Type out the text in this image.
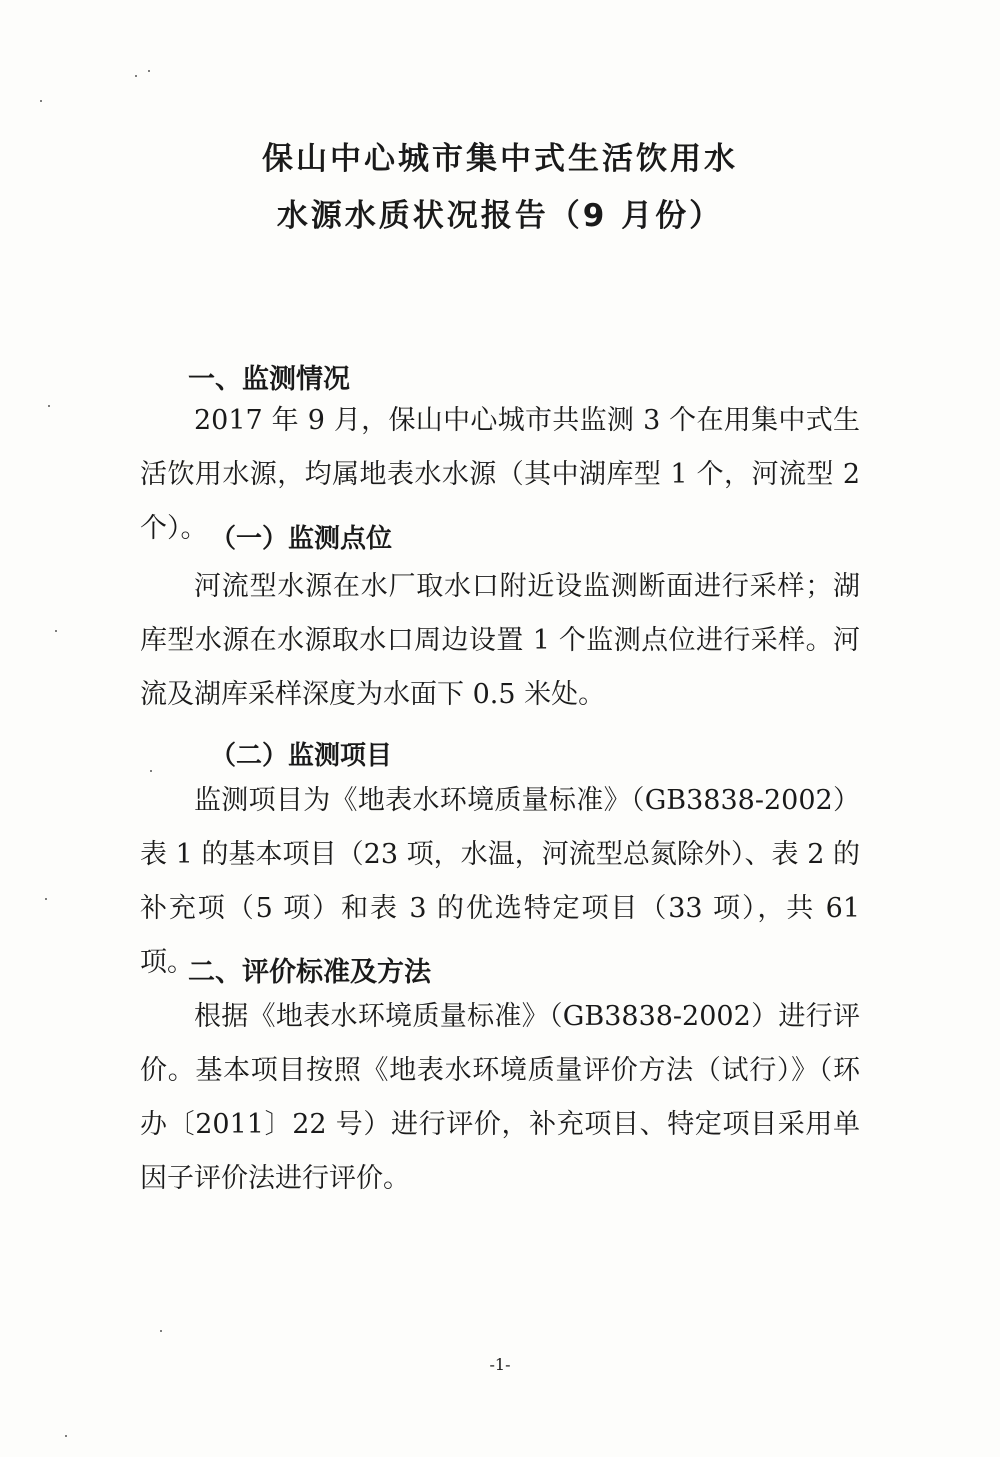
保山中心城市集中式生活饮用水
水源水质状况报告（9 月份）
一、监测情况

2017 年 9 月，保山中心城市共监测 3 个在用集中式生活饮用水源，均属地表水水源（其中湖库型 1 个，河流型 2 个）。 （一）监测点位

河流型水源在水厂取水口附近设监测断面进行采样；湖库型水源在水源取水口周边设置 1 个监测点位进行采样。河流及湖库采样深度为水面下 0.5 米处。

（二）监测项目

监测项目为《地表水环境质量标准》（GB3838-2002）表 1 的基本项目（23 项，水温，河流型总氮除外）、表 2 的补充项（5 项）和表 3 的优选特定项目（33 项），共 61 项。

二、评价标准及方法

根据《地表水环境质量标准》（GB3838-2002）进行评价。基本项目按照《地表水环境质量评价方法（试行）》（环办〔2011〕22 号）进行评价，补充项目、特定项目采用单因子评价法进行评价。

-1-
